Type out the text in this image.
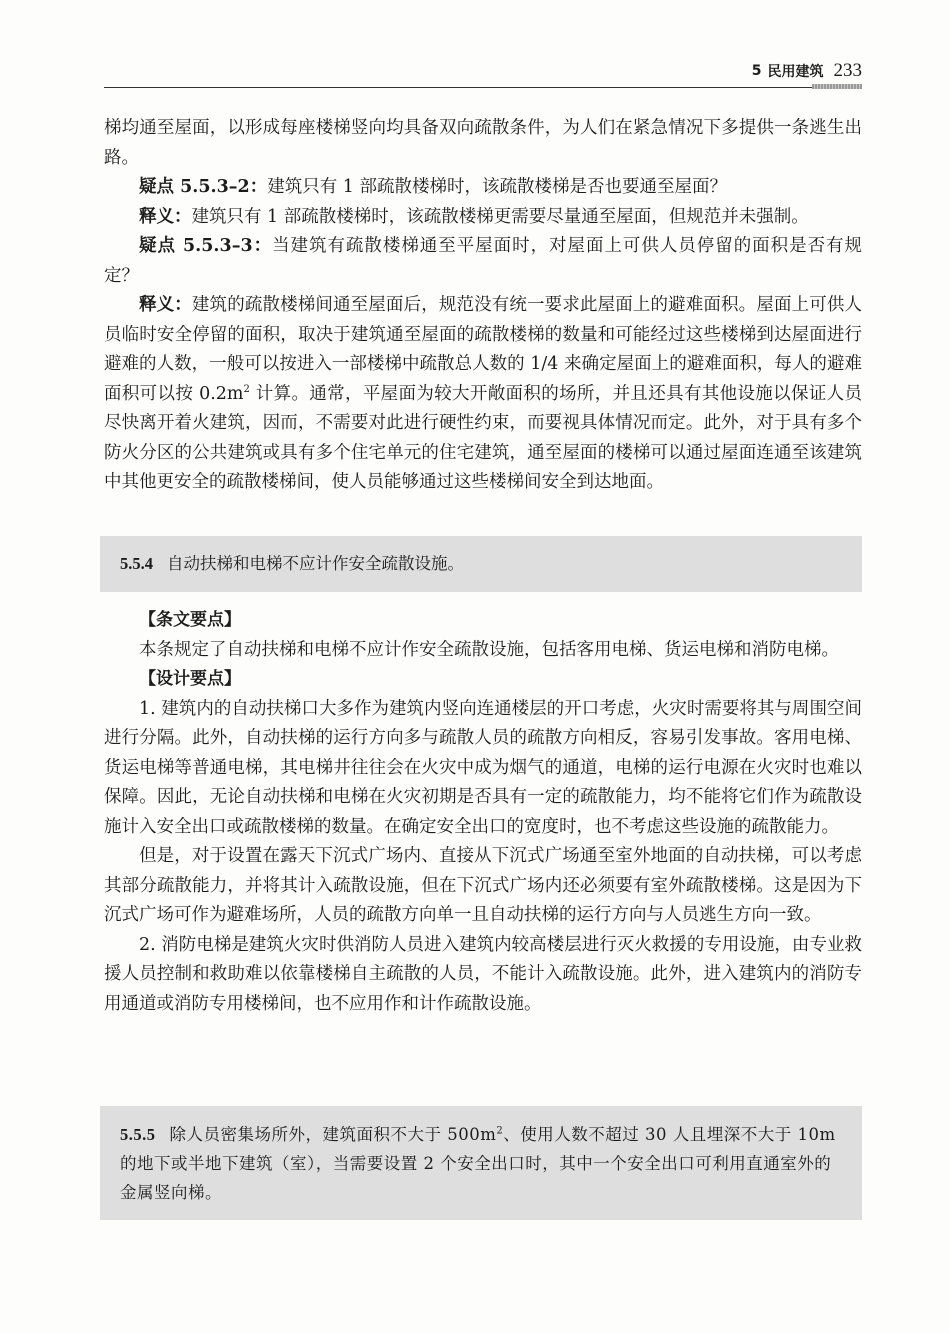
5 民用建筑 233

梯均通至屋面，以形成每座楼梯竖向均具备双向疏散条件，为人们在紧急情况下多提供一条逃生出路。

疑点 5.5.3–2：建筑只有 1 部疏散楼梯时，该疏散楼梯是否也要通至屋面？

释义：建筑只有 1 部疏散楼梯时，该疏散楼梯更需要尽量通至屋面，但规范并未强制。

疑点 5.5.3–3：当建筑有疏散楼梯通至平屋面时，对屋面上可供人员停留的面积是否有规定？

释义：建筑的疏散楼梯间通至屋面后，规范没有统一要求此屋面上的避难面积。屋面上可供人员临时安全停留的面积，取决于建筑通至屋面的疏散楼梯的数量和可能经过这些楼梯到达屋面进行避难的人数，一般可以按进入一部楼梯中疏散总人数的 1/4 来确定屋面上的避难面积，每人的避难面积可以按 $0.2m^2$ 计算。通常，平屋面为较大开敞面积的场所，并且还具有其他设施以保证人员尽快离开着火建筑，因而，不需要对此进行硬性约束，而要视具体情况而定。此外，对于具有多个防火分区的公共建筑或具有多个住宅单元的住宅建筑，通至屋面的楼梯可以通过屋面连通至该建筑中其他更安全的疏散楼梯间，使人员能够通过这些楼梯间安全到达地面。

5.5.4 自动扶梯和电梯不应计作安全疏散设施。

【条文要点】

本条规定了自动扶梯和电梯不应计作安全疏散设施，包括客用电梯、货运电梯和消防电梯。

【设计要点】

1. 建筑内的自动扶梯口大多作为建筑内竖向连通楼层的开口考虑，火灾时需要将其与周围空间进行分隔。此外，自动扶梯的运行方向多与疏散人员的疏散方向相反，容易引发事故。客用电梯、货运电梯等普通电梯，其电梯井往往会在火灾中成为烟气的通道，电梯的运行电源在火灾时也难以保障。因此，无论自动扶梯和电梯在火灾初期是否具有一定的疏散能力，均不能将它们作为疏散设施计入安全出口或疏散楼梯的数量。在确定安全出口的宽度时，也不考虑这些设施的疏散能力。

但是，对于设置在露天下沉式广场内、直接从下沉式广场通至室外地面的自动扶梯，可以考虑其部分疏散能力，并将其计入疏散设施，但在下沉式广场内还必须要有室外疏散楼梯。这是因为下沉式广场可作为避难场所，人员的疏散方向单一且自动扶梯的运行方向与人员逃生方向一致。

2. 消防电梯是建筑火灾时供消防人员进入建筑内较高楼层进行灭火救援的专用设施，由专业救援人员控制和救助难以依靠楼梯自主疏散的人员，不能计入疏散设施。此外，进入建筑内的消防专用通道或消防专用楼梯间，也不应用作和计作疏散设施。

5.5.5 除人员密集场所外，建筑面积不大于 $500m^2$、使用人数不超过 30 人且埋深不大于 10m 的地下或半地下建筑（室），当需要设置 2 个安全出口时，其中一个安全出口可利用直通室外的金属竖向梯。
